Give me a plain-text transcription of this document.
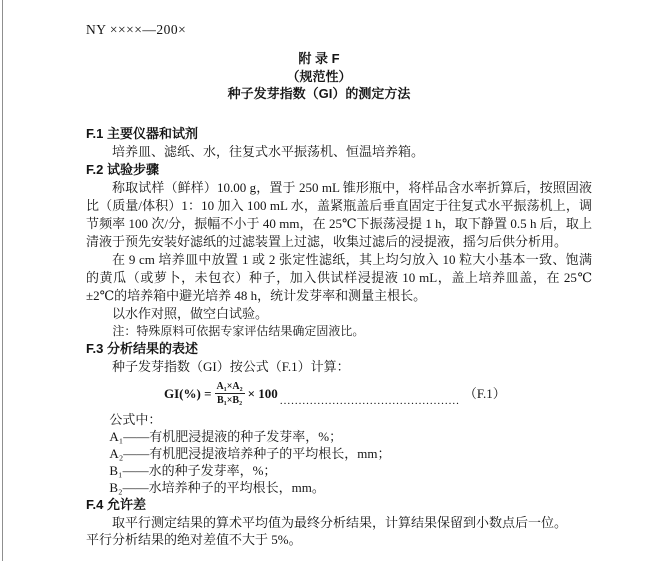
NY ××××—200×
附 录 F
（规范性）
种子发芽指数（GI）的测定方法
F.1 主要仪器和试剂

培养皿、滤纸、水，往复式水平振荡机、恒温培养箱。

F.2 试验步骤

称取试样（鲜样）10.00 g，置于 250 mL 锥形瓶中，将样品含水率折算后，按照固液比（质量/体积）1：10 加入 100 mL 水，盖紧瓶盖后垂直固定于往复式水平振荡机上，调节频率 100 次/分，振幅不小于 40 mm，在 25℃下振荡浸提 1 h，取下静置 0.5 h 后，取上清液于预先安装好滤纸的过滤装置上过滤，收集过滤后的浸提液，摇匀后供分析用。

在 9 cm 培养皿中放置 1 或 2 张定性滤纸，其上均匀放入 10 粒大小基本一致、饱满的黄瓜（或萝卜，未包衣）种子，加入供试样浸提液 10 mL，盖上培养皿盖，在 25℃±2℃的培养箱中避光培养 48 h，统计发芽率和测量主根长。

以水作对照，做空白试验。

注：特殊原料可依据专家评估结果确定固液比。

F.3 分析结果的表述

种子发芽指数（GI）按公式（F.1）计算：

$GI(\%) = \frac{\text{A₁×A₂}}{\text{B₁×B₂}} \times 100$ ................................................ （F.1）

公式中：

A₁——有机肥浸提液的种子发芽率，%；

A₂——有机肥浸提液培养种子的平均根长，mm；

B₁——水的种子发芽率，%；

B₂——水培养种子的平均根长，mm。

F.4 允许差

取平行测定结果的算术平均值为最终分析结果，计算结果保留到小数点后一位。

平行分析结果的绝对差值不大于 5%。
